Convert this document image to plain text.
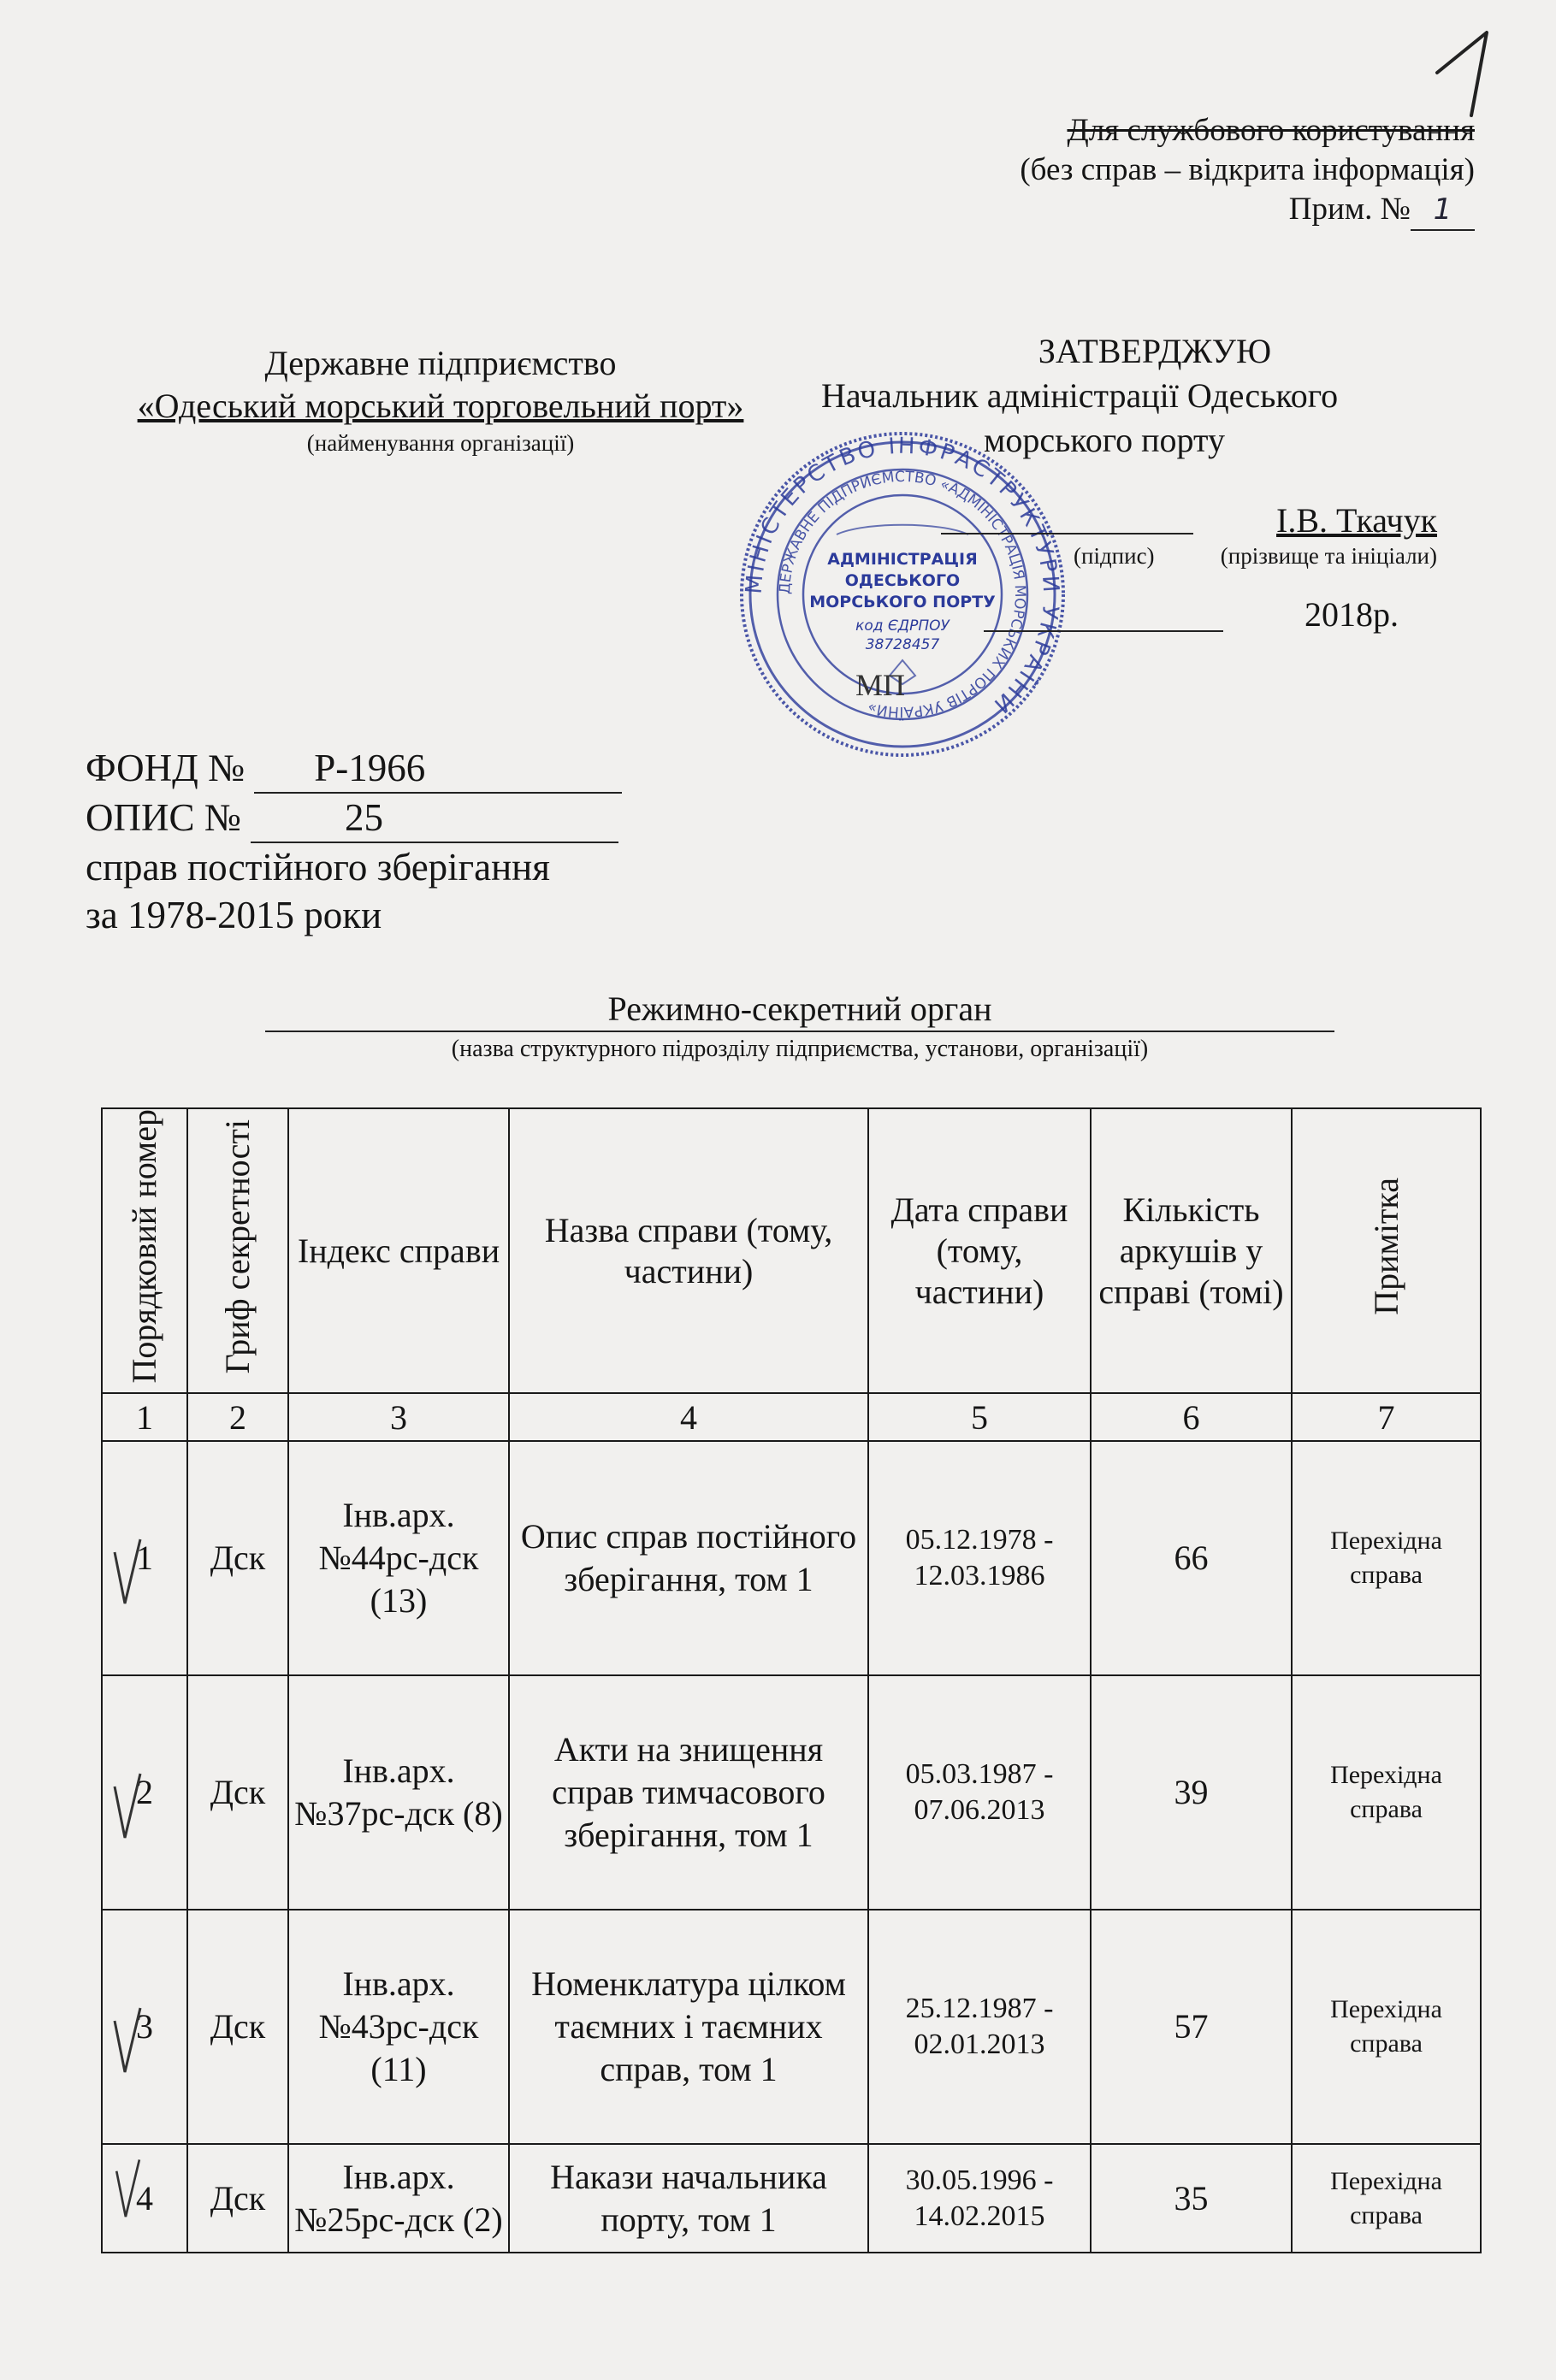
Для службового користування
(без справ – відкрита інформація)
Прим. № 1
Державне підприємство
«Одеський морський торговельний порт»
(найменування організації)
МІНІСТЕРСТВО ІНФРАСТРУКТУРИ УКРАЇНИ
ДЕРЖАВНЕ ПІДПРИЄМСТВО «АДМІНІСТРАЦІЯ МОРСЬКИХ ПОРТІВ УКРАЇНИ»
АДМІНІСТРАЦІЯ
ОДЕСЬКОГО
МОРСЬКОГО ПОРТУ
код ЄДРПОУ
38728457
ЗАТВЕРДЖУЮ
Начальник адміністрації Одеського
морського порту
І.В. Ткачук
(підпис)	(прізвище та ініціали)
2018р.
МП
ФОНД № Р-1966
ОПИС №	25
справ постійного зберігання
за 1978-2015 роки
Режимно-секретний орган
(назва структурного підрозділу підприємства, установи, організації)
Порядковий номер	Гриф секретності	Індекс справи	Назва справи (тому, частини)	Дата справи (тому, частини)	Кількість аркушів у справі (томі)	Примітка
1	2	3	4	5	6	7

1	Дск	Інв.арх. №44рс-дск (13)	Опис справ постійного зберігання, том 1	05.12.1978 - 12.03.1986	66	Перехідна справа

2	Дск	Інв.арх. №37рс-дск (8)	Акти на знищення справ тимчасового зберігання, том 1	05.03.1987 - 07.06.2013	39	Перехідна справа

3	Дск	Інв.арх. №43рс-дск (11)	Номенклатура цілком таємних і таємних справ, том 1	25.12.1987 - 02.01.2013	57	Перехідна справа

4	Дск	Інв.арх. №25рс-дск (2)	Накази начальника порту, том 1	30.05.1996 - 14.02.2015	35	Перехідна справа
